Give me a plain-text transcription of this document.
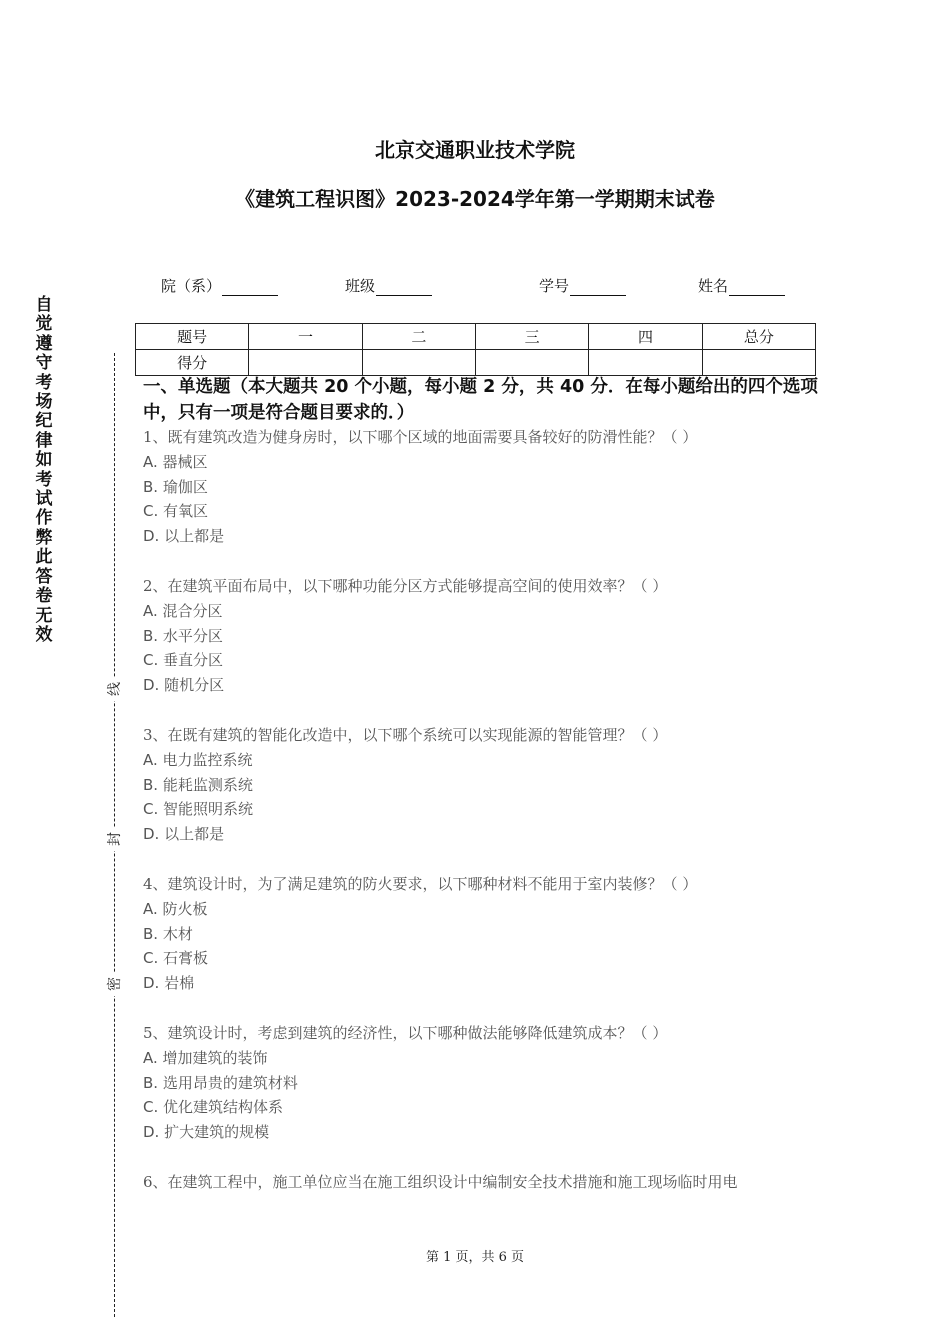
北京交通职业技术学院
《建筑工程识图》2023-2024学年第一学期期末试卷
自觉遵守考场纪律如考试作弊此答卷无效
线
封
密
院（系）	班级	学号	姓名
题号	一	二	三	四	总分
得分					
一、单选题（本大题共 20 个小题，每小题 2 分，共 40 分．在每小题给出的四个选项中，只有一项是符合题目要求的．）
1、既有建筑改造为健身房时，以下哪个区域的地面需要具备较好的防滑性能？（ ）
A. 器械区
B. 瑜伽区
C. 有氧区
D. 以上都是
2、在建筑平面布局中，以下哪种功能分区方式能够提高空间的使用效率？（ ）
A. 混合分区
B. 水平分区
C. 垂直分区
D. 随机分区
3、在既有建筑的智能化改造中，以下哪个系统可以实现能源的智能管理？（ ）
A. 电力监控系统
B. 能耗监测系统
C. 智能照明系统
D. 以上都是
4、建筑设计时，为了满足建筑的防火要求，以下哪种材料不能用于室内装修？（ ）
A. 防火板
B. 木材
C. 石膏板
D. 岩棉
5、建筑设计时，考虑到建筑的经济性，以下哪种做法能够降低建筑成本？（ ）
A. 增加建筑的装饰
B. 选用昂贵的建筑材料
C. 优化建筑结构体系
D. 扩大建筑的规模
6、在建筑工程中，施工单位应当在施工组织设计中编制安全技术措施和施工现场临时用电
第 1 页，共 6 页
